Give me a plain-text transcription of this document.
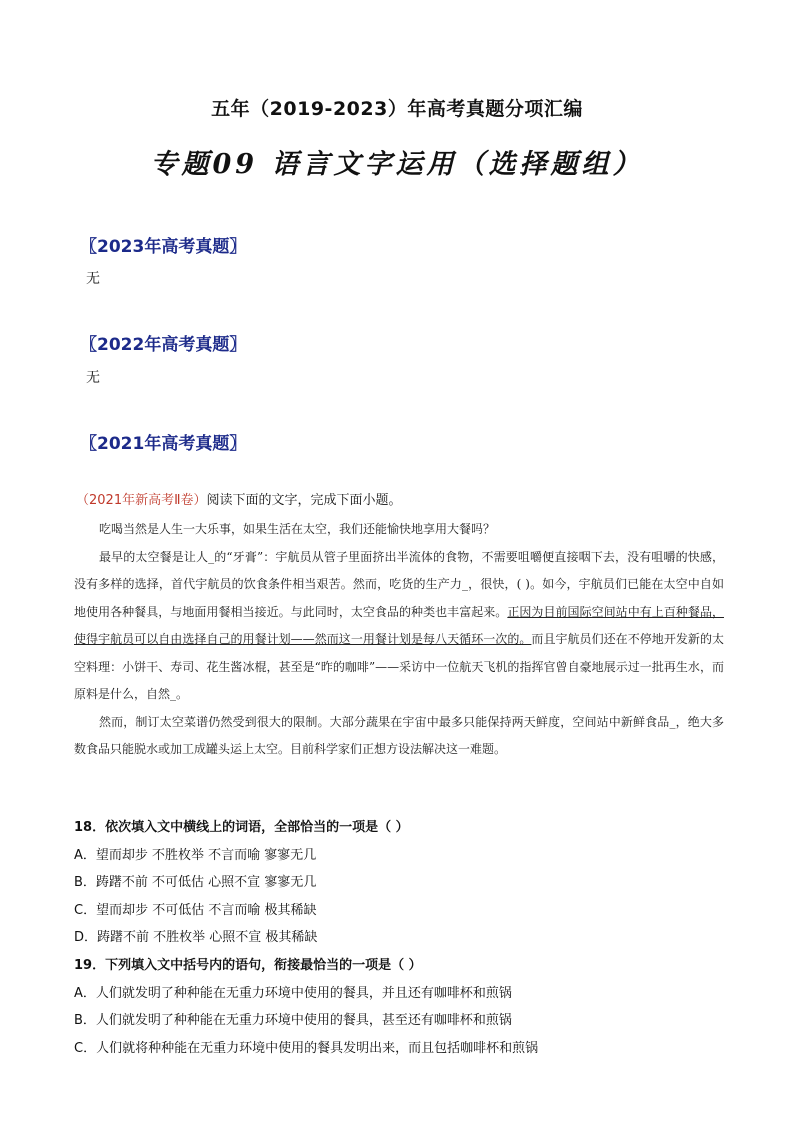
五年（2019-2023）年高考真题分项汇编
专题09 语言文字运用（选择题组）
〖2023年高考真题〗
无
〖2022年高考真题〗
无
〖2021年高考真题〗
（2021年新高考Ⅱ卷）阅读下面的文字，完成下面小题。

吃喝当然是人生一大乐事，如果生活在太空，我们还能愉快地享用大餐吗？

最早的太空餐是让人_的“牙膏”：宇航员从管子里面挤出半流体的食物，不需要咀嚼便直接咽下去，没有咀嚼的快感，没有多样的选择，首代宇航员的饮食条件相当艰苦。然而，吃货的生产力_，很快，( )。如今，宇航员们已能在太空中自如地使用各种餐具，与地面用餐相当接近。与此同时，太空食品的种类也丰富起来。正因为目前国际空间站中有上百种餐品，使得宇航员可以自由选择自己的用餐计划——然而这一用餐计划是每八天循环一次的。而且宇航员们还在不停地开发新的太空料理：小饼干、寿司、花生酱冰棍，甚至是“昨的咖啡”——采访中一位航天飞机的指挥官曾自豪地展示过一批再生水，而原料是什么，自然_。

然而，制订太空菜谱仍然受到很大的限制。大部分蔬果在宇宙中最多只能保持两天鲜度，空间站中新鲜食品_，绝大多数食品只能脱水或加工成罐头运上太空。目前科学家们正想方设法解决这一难题。

18．依次填入文中横线上的词语，全部恰当的一项是（ ）
A．望而却步 不胜枚举 不言而喻 寥寥无几
B．踌躇不前 不可低估 心照不宣 寥寥无几
C．望而却步 不可低估 不言而喻 极其稀缺
D．踌躇不前 不胜枚举 心照不宣 极其稀缺
19．下列填入文中括号内的语句，衔接最恰当的一项是（ ）
A．人们就发明了种种能在无重力环境中使用的餐具，并且还有咖啡杯和煎锅
B．人们就发明了种种能在无重力环境中使用的餐具，甚至还有咖啡杯和煎锅
C．人们就将种种能在无重力环境中使用的餐具发明出来，而且包括咖啡杯和煎锅
